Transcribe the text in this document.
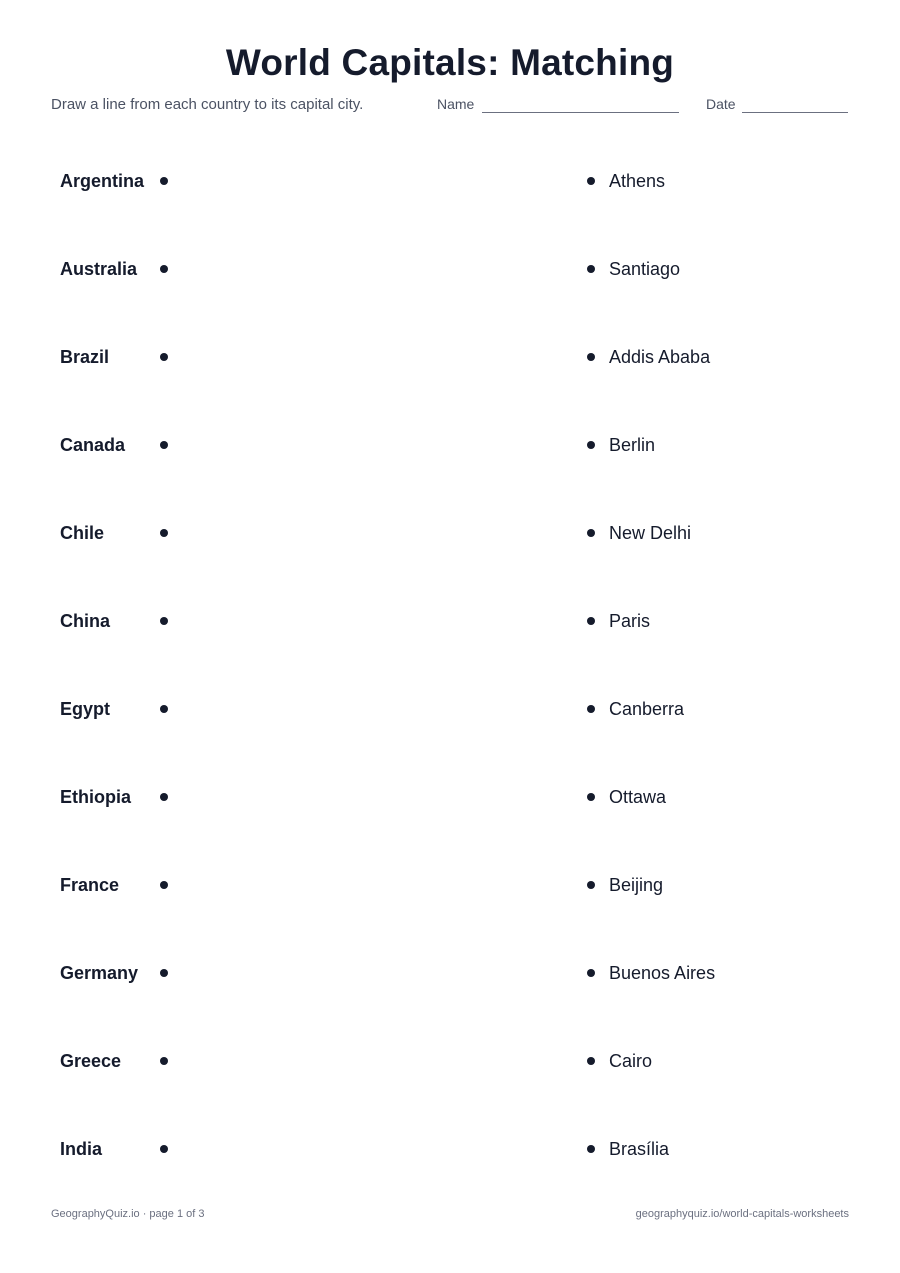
World Capitals: Matching
Draw a line from each country to its capital city.	Name	Date
Argentina	Athens
Australia	Santiago
Brazil	Addis Ababa
Canada	Berlin
Chile	New Delhi
China	Paris
Egypt	Canberra
Ethiopia	Ottawa
France	Beijing
Germany	Buenos Aires
Greece	Cairo
India	Brasília
GeographyQuiz.io · page 1 of 3	geographyquiz.io/world-capitals-worksheets
